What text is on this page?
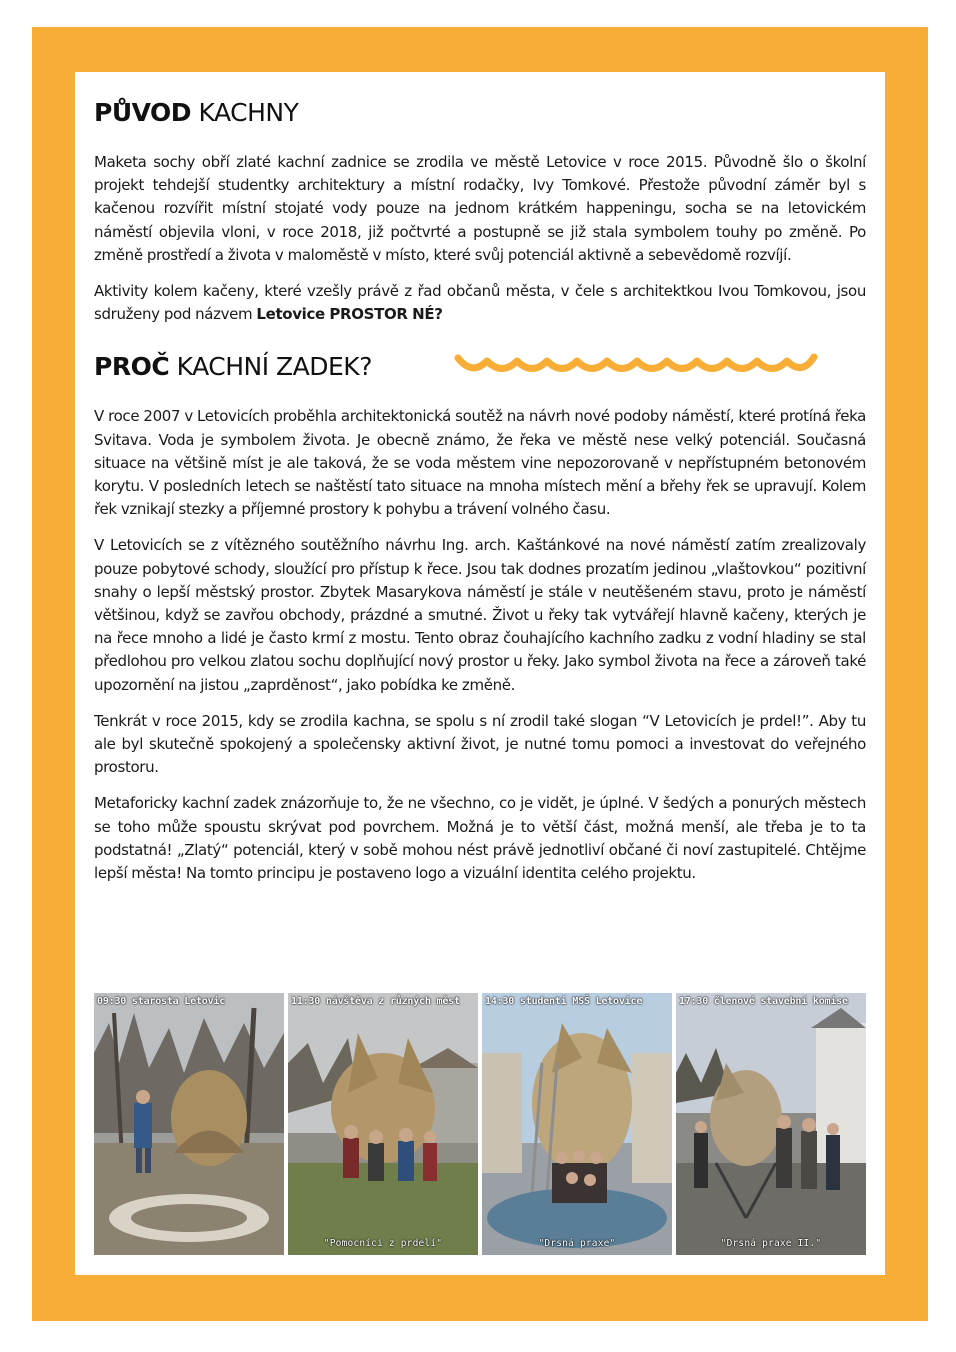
PŮVOD KACHNY

Maketa sochy obří zlaté kachní zadnice se zrodila ve městě Letovice v roce 2015. Původně šlo o školní projekt tehdejší studentky architektury a místní rodačky, Ivy Tomkové. Přestože původní záměr byl s kačenou rozvířit místní stojaté vody pouze na jednom krátkém happeningu, socha se na letovickém náměstí objevila vloni, v roce 2018, již počtvrté a postupně se již stala symbolem touhy po změně. Po změně prostředí a života v maloměstě v místo, které svůj potenciál aktivně a sebevědomě rozvíjí.

Aktivity kolem kačeny, které vzešly právě z řad občanů města, v čele s architektkou Ivou Tomkovou, jsou sdruženy pod názvem Letovice PROSTOR NÉ?

PROČ KACHNÍ ZADEK?

V roce 2007 v Letovicích proběhla architektonická soutěž na návrh nové podoby náměstí, které protíná řeka Svitava. Voda je symbolem života. Je obecně známo, že řeka ve městě nese velký potenciál. Současná situace na většině míst je ale taková, že se voda městem vine nepozorovaně v nepřístupném betonovém korytu. V posledních letech se naštěstí tato situace na mnoha místech mění a břehy řek se upravují. Kolem řek vznikají stezky a příjemné prostory k pohybu a trávení volného času.

V Letovicích se z vítězného soutěžního návrhu Ing. arch. Kaštánkové na nové náměstí zatím zrealizovaly pouze pobytové schody, sloužící pro přístup k řece. Jsou tak dodnes prozatím jedinou „vlaštovkou“ pozitivní snahy o lepší městský prostor. Zbytek Masarykova náměstí je stále v neutěšeném stavu, proto je náměstí většinou, když se zavřou obchody, prázdné a smutné. Život u řeky tak vytvářejí hlavně kačeny, kterých je na řece mnoho a lidé je často krmí z mostu. Tento obraz čouhajícího kachního zadku z vodní hladiny se stal předlohou pro velkou zlatou sochu doplňující nový prostor u řeky. Jako symbol života na řece a zároveň také upozornění na jistou „zaprděnost“, jako pobídka ke změně.

Tenkrát v roce 2015, kdy se zrodila kachna, se spolu s ní zrodil také slogan “V Letovicích je prdel!”. Aby tu ale byl skutečně spokojený a společensky aktivní život, je nutné tomu pomoci a investovat do veřejného prostoru.

Metaforicky kachní zadek znázorňuje to, že ne všechno, co je vidět, je úplné. V šedých a ponurých městech se toho může spoustu skrývat pod povrchem. Možná je to větší část, možná menší, ale třeba je to ta podstatná! „Zlatý“ potenciál, který v sobě mohou nést právě jednotliví občané či noví zastupitelé. Chtějme lepší města! Na tomto principu je postaveno logo a vizuální identita celého projektu.

09:30 starosta Letovic	11:30 návštěva z různých měst
"Pomocníci z prdelí"
14:30 studenti MSŠ Letovice
"Drsná praxe"
17:30 členové stavební komise
"Drsná praxe II."
